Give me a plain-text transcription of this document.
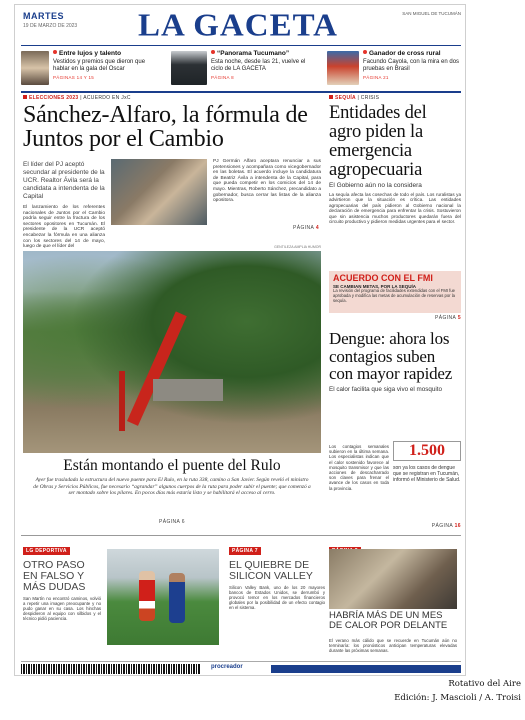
MARTES
19 DE MARZO DE 2023	LA GACETA	SAN MIGUEL DE TUCUMÁN
Entre lujos y talento
Vestidos y premios que dieron que hablar en la gala del Oscar
PÁGINAS 14 Y 15
“Panorama Tucumano”
Esta noche, desde las 21, vuelve el ciclo de LA GACETA
PÁGINA 8
Ganador de cross rural
Facundo Cayola, con la mira en dos pruebas en Brasil
PÁGINA 21
ELECCIONES 2023 | ACUERDO EN JxC
Sánchez-Alfaro, la fórmula de Juntos por el Cambio
El líder del PJ aceptó secundar al presidente de la UCR. Realtor Ávila será la candidata a intendenta de la Capital
El lanzamiento de los referentes nacionales de Juntos por el Cambio podría seguir entre la fractura de los sectores opositores en Tucumán. El presidente de la UCR aceptó encabezar la fórmula en una alianza con los sectores del 14 de mayo, luego de que el líder del
PJ Germán Alfaro aceptara renunciar a sus pretensiones y acompañara como vicegobernador en las boletas. El acuerdo incluye la candidatura de Beatriz Ávila a intendenta de la Capital, para que pueda competir en los comicios del 14 de mayo. Mientras, Roberto Sánchez, precandidato a gobernador, busca cerrar las listas de la alianza opositora.
PÁGINA 4
GENTILEZA AMPLIA HUMOR
Están montando el puente del Rulo
Ayer fue trasladada la estructura del nuevo puente para El Rulo, en la ruta 338, camino a San Javier. Según reveló el ministro de Obras y Servicios Públicos, fue necesario “agrandar” algunos cuerpos de la ruta para poder subir el puente; que comenzó a ser montado sobre los pilares. En pocos días más estaría listo y se habilitará el acceso al cerro.
PÁGINA 6
SEQUÍA | CRISIS
Entidades del agro piden la emergencia agropecuaria
El Gobierno aún no la considera
La sequía afecta las cosechas de todo el país. Los ruralistas ya advirtieron que la situación es crítica. Las entidades agropecuarias del país pidieron al Gobierno nacional la declaración de emergencia para enfrentar la crisis. Sostuvieron que sin asistencia muchos productores quedarán fuera del circuito productivo y pidieron medidas urgentes para el sector.
ACUERDO CON EL FMI
SE CAMBIAN METAS, POR LA SEQUÍA
La revisión del programa de facilidades extendidas con el FMI fue aprobada y modifica las metas de acumulación de reservas por la sequía.
PÁGINA 5
Dengue: ahora los contagios suben con mayor rapidez
El calor facilita que siga vivo el mosquito
Los contagios semanales subieron en la última semana. Los especialistas indican que el calor sostenido favorece al mosquito transmisor y que las acciones de descacharrado son claves para frenar el avance de los casos en toda la provincia.
1.500
son ya los casos de dengue que se registran en Tucumán, informó el Ministerio de Salud.
PÁGINA 16
LG DEPORTIVA
OTRO PASO EN FALSO Y MÁS DUDAS
San Martín no encontró caminos, volvió a repetir una imagen preocupante y no pudo ganar en su casa. Los hinchas despidieron al equipo con silbidos y el técnico pidió paciencia.
PÁGINA 7
EL QUIEBRE DE SILICON VALLEY
Silicon Valley Bank, uno de los 20 mayores bancos de Estados Unidos, se derrumbó y provocó temor en los mercados financieros globales por la posibilidad de un efecto contagio en el sistema.
HABRÍA MÁS DE UN MES DE CALOR POR DELANTE
El verano más cálido que se recuerde en Tucumán aún no terminaría: los pronósticos anticipan temperaturas elevadas durante las próximas semanas.
procreador
Rotativo del Aire
Edición: J. Mascioli / A. Troisi
